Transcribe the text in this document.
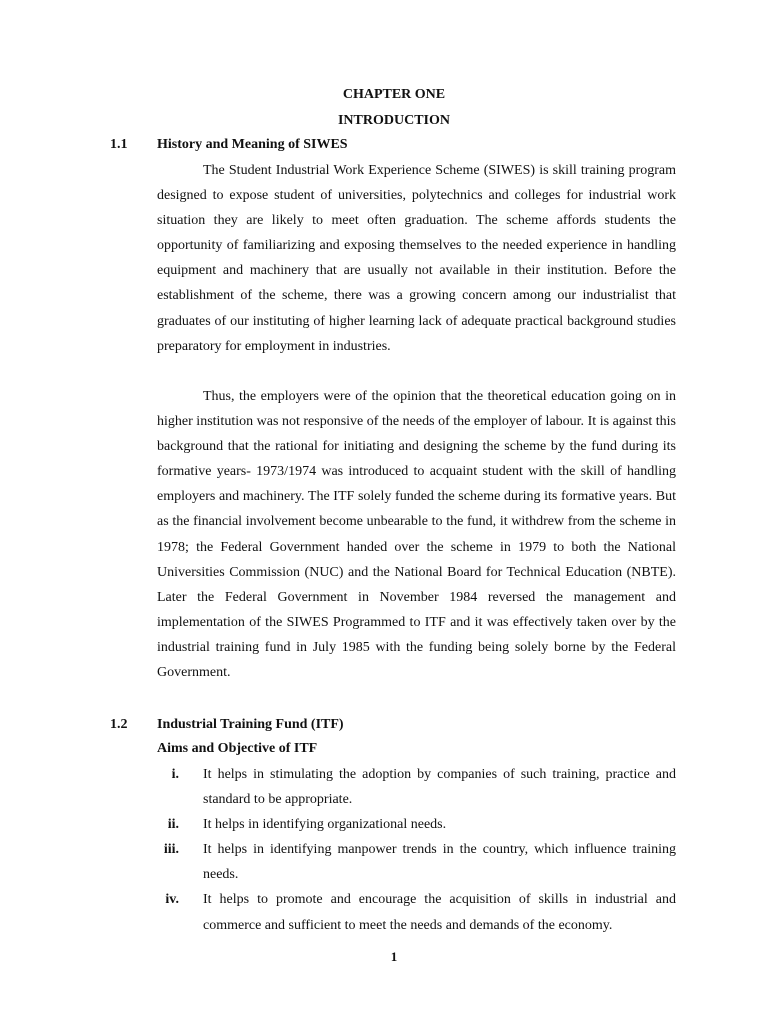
CHAPTER ONE
INTRODUCTION
1.1 History and Meaning of SIWES

The Student Industrial Work Experience Scheme (SIWES) is skill training program designed to expose student of universities, polytechnics and colleges for industrial work situation they are likely to meet often graduation. The scheme affords students the opportunity of familiarizing and exposing themselves to the needed experience in handling equipment and machinery that are usually not available in their institution. Before the establishment of the scheme, there was a growing concern among our industrialist that graduates of our instituting of higher learning lack of adequate practical background studies preparatory for employment in industries.

Thus, the employers were of the opinion that the theoretical education going on in higher institution was not responsive of the needs of the employer of labour. It is against this background that the rational for initiating and designing the scheme by the fund during its formative years- 1973/1974 was introduced to acquaint student with the skill of handling employers and machinery. The ITF solely funded the scheme during its formative years. But as the financial involvement become unbearable to the fund, it withdrew from the scheme in 1978; the Federal Government handed over the scheme in 1979 to both the National Universities Commission (NUC) and the National Board for Technical Education (NBTE). Later the Federal Government in November 1984 reversed the management and implementation of the SIWES Programmed to ITF and it was effectively taken over by the industrial training fund in July 1985 with the funding being solely borne by the Federal Government.

1.2 Industrial Training Fund (ITF)
Aims and Objective of ITF
i. It helps in stimulating the adoption by companies of such training, practice and standard to be appropriate.
ii. It helps in identifying organizational needs.
iii. It helps in identifying manpower trends in the country, which influence training needs.
iv. It helps to promote and encourage the acquisition of skills in industrial and commerce and sufficient to meet the needs and demands of the economy.
1
